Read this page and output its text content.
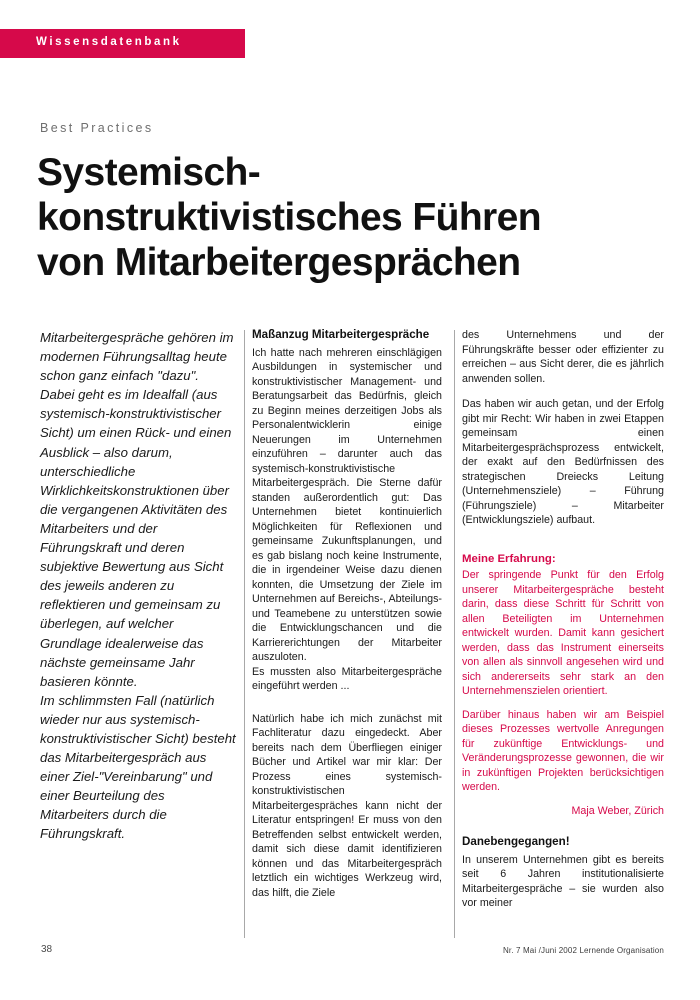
Wissensdatenbank
Best Practices
Systemisch-
konstruktivistisches Führen
von Mitarbeitergesprächen

Mitarbeitergespräche gehören im modernen Führungsalltag heute schon ganz einfach "dazu". Dabei geht es im Idealfall (aus systemisch-konstruktivistischer Sicht) um einen Rück- und einen Ausblick – also darum, unterschiedliche Wirklichkeitskonstruktionen über die vergangenen Aktivitäten des Mitarbeiters und der Führungskraft und deren subjektive Bewertung aus Sicht des jeweils anderen zu reflektieren und gemeinsam zu überlegen, auf welcher Grundlage idealerweise das nächste gemeinsame Jahr basieren könnte.

Im schlimmsten Fall (natürlich wieder nur aus systemisch-konstruktivistischer Sicht) besteht das Mitarbeitergespräch aus einer Ziel-"Vereinbarung" und einer Beurteilung des Mitarbeiters durch die Führungskraft.

Maßanzug Mitarbeitergespräche

Ich hatte nach mehreren einschlägigen Ausbildungen in systemischer und konstruktivistischer Management- und Beratungsarbeit das Bedürfnis, gleich zu Beginn meines derzeitigen Jobs als Personalentwicklerin einige Neuerungen im Unternehmen einzuführen – darunter auch das systemisch-konstruktivistische Mitarbeitergespräch. Die Sterne dafür standen außerordentlich gut: Das Unternehmen bietet kontinuierlich Möglichkeiten für Reflexionen und gemeinsame Zukunftsplanungen, und es gab bislang noch keine Instrumente, die in irgendeiner Weise dazu dienen konnten, die Umsetzung der Ziele im Unternehmen auf Bereichs-, Abteilungs- und Teamebene zu unterstützen sowie die Entwicklungschancen und die Karriererichtungen der Mitarbeiter auszuloten.

Es mussten also Mitarbeitergespräche eingeführt werden ...

Natürlich habe ich mich zunächst mit Fachliteratur dazu eingedeckt. Aber bereits nach dem Überfliegen einiger Bücher und Artikel war mir klar: Der Prozess eines systemisch-konstruktivistischen Mitarbeitergespräches kann nicht der Literatur entspringen! Er muss von den Betreffenden selbst entwickelt werden, damit sich diese damit identifizieren können und das Mitarbeitergespräch letztlich ein wichtiges Werkzeug wird, das hilft, die Ziele

des Unternehmens und der Führungskräfte besser oder effizienter zu erreichen – aus Sicht derer, die es jährlich anwenden sollen.

Das haben wir auch getan, und der Erfolg gibt mir Recht: Wir haben in zwei Etappen gemeinsam einen Mitarbeitergesprächsprozess entwickelt, der exakt auf den Bedürfnissen des strategischen Dreiecks Leitung (Unternehmensziele) – Führung (Führungsziele) – Mitarbeiter (Entwicklungsziele) aufbaut.

Meine Erfahrung:

Der springende Punkt für den Erfolg unserer Mitarbeitergespräche besteht darin, dass diese Schritt für Schritt von allen Beteiligten im Unternehmen entwickelt wurden. Damit kann gesichert werden, dass das Instrument einerseits von allen als sinnvoll angesehen wird und sich andererseits sehr stark an den Unternehmenszielen orientiert.

Darüber hinaus haben wir am Beispiel dieses Prozesses wertvolle Anregungen für zukünftige Entwicklungs- und Veränderungsprozesse gewonnen, die wir in zukünftigen Projekten berücksichtigen werden.

Maja Weber, Zürich

Danebengegangen!

In unserem Unternehmen gibt es bereits seit 6 Jahren institutionalisierte Mitarbeitergespräche – sie wurden also vor meiner

38	Nr. 7 Mai /Juni 2002 Lernende Organisation
